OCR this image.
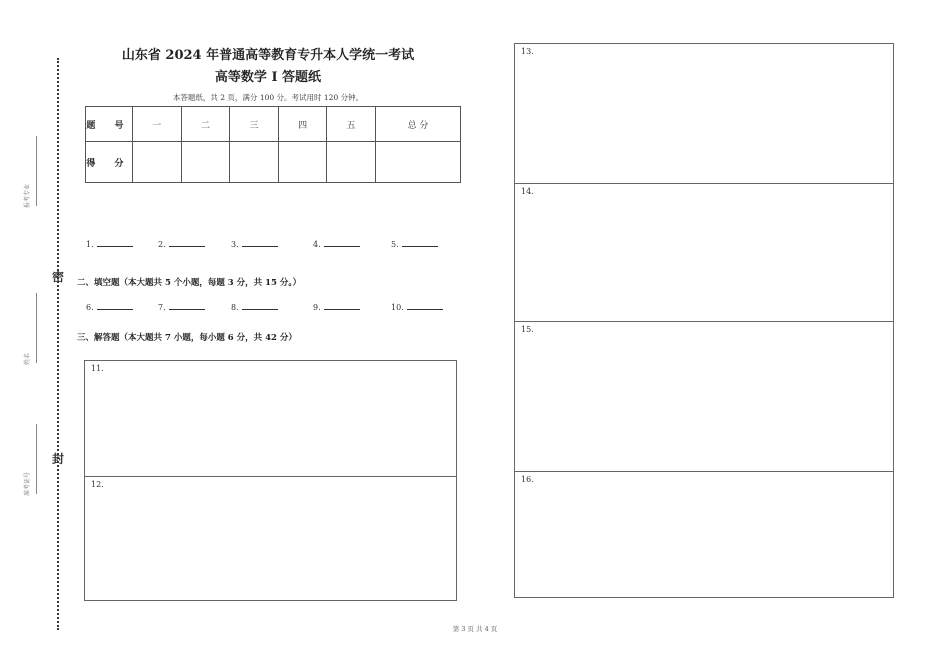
密
封
报考专业
姓名
准考证号
山东省 2024 年普通高等教育专升本人学统一考试
高等数学 I 答题纸
本答题纸，共 2 页，满分 100 分。考试用时 120 分钟。
题 号	一	二	三	四	五	总 分
得 分						
1.	2.	3.	4.	5.
二、填空题（本大题共 5 个小题，每题 3 分，共 15 分。）
6.	7.	8.	9.	10.
三、解答题（本大题共 7 小题，每小题 6 分，共 42 分）
11.
12.
13.
14.
15.
16.
第 3 页 共 4 页
